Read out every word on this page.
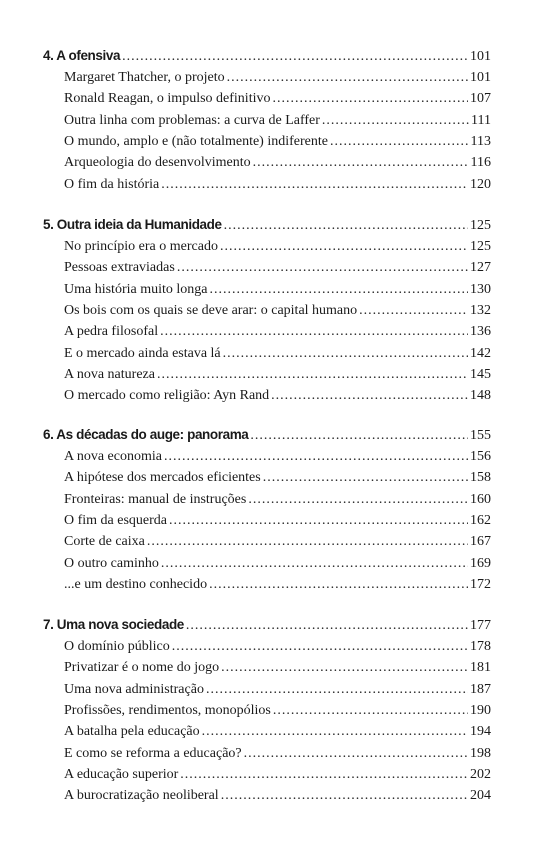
4. A ofensiva .....	101
Margaret Thatcher, o projeto .....	101
Ronald Reagan, o impulso definitivo .....	107
Outra linha com problemas: a curva de Laffer .....	111
O mundo, amplo e (não totalmente) indiferente .....	113
Arqueologia do desenvolvimento .....	116
O fim da história .....	120
5. Outra ideia da Humanidade .....	125
No princípio era o mercado .....	125
Pessoas extraviadas .....	127
Uma história muito longa .....	130
Os bois com os quais se deve arar: o capital humano .....	132
A pedra filosofal .....	136
E o mercado ainda estava lá .....	142
A nova natureza .....	145
O mercado como religião: Ayn Rand .....	148
6. As décadas do auge: panorama .....	155
A nova economia .....	156
A hipótese dos mercados eficientes .....	158
Fronteiras: manual de instruções .....	160
O fim da esquerda .....	162
Corte de caixa .....	167
O outro caminho .....	169
...e um destino conhecido .....	172
7. Uma nova sociedade .....	177
O domínio público .....	178
Privatizar é o nome do jogo .....	181
Uma nova administração .....	187
Profissões, rendimentos, monopólios .....	190
A batalha pela educação .....	194
E como se reforma a educação? .....	198
A educação superior .....	202
A burocratização neoliberal .....	204
